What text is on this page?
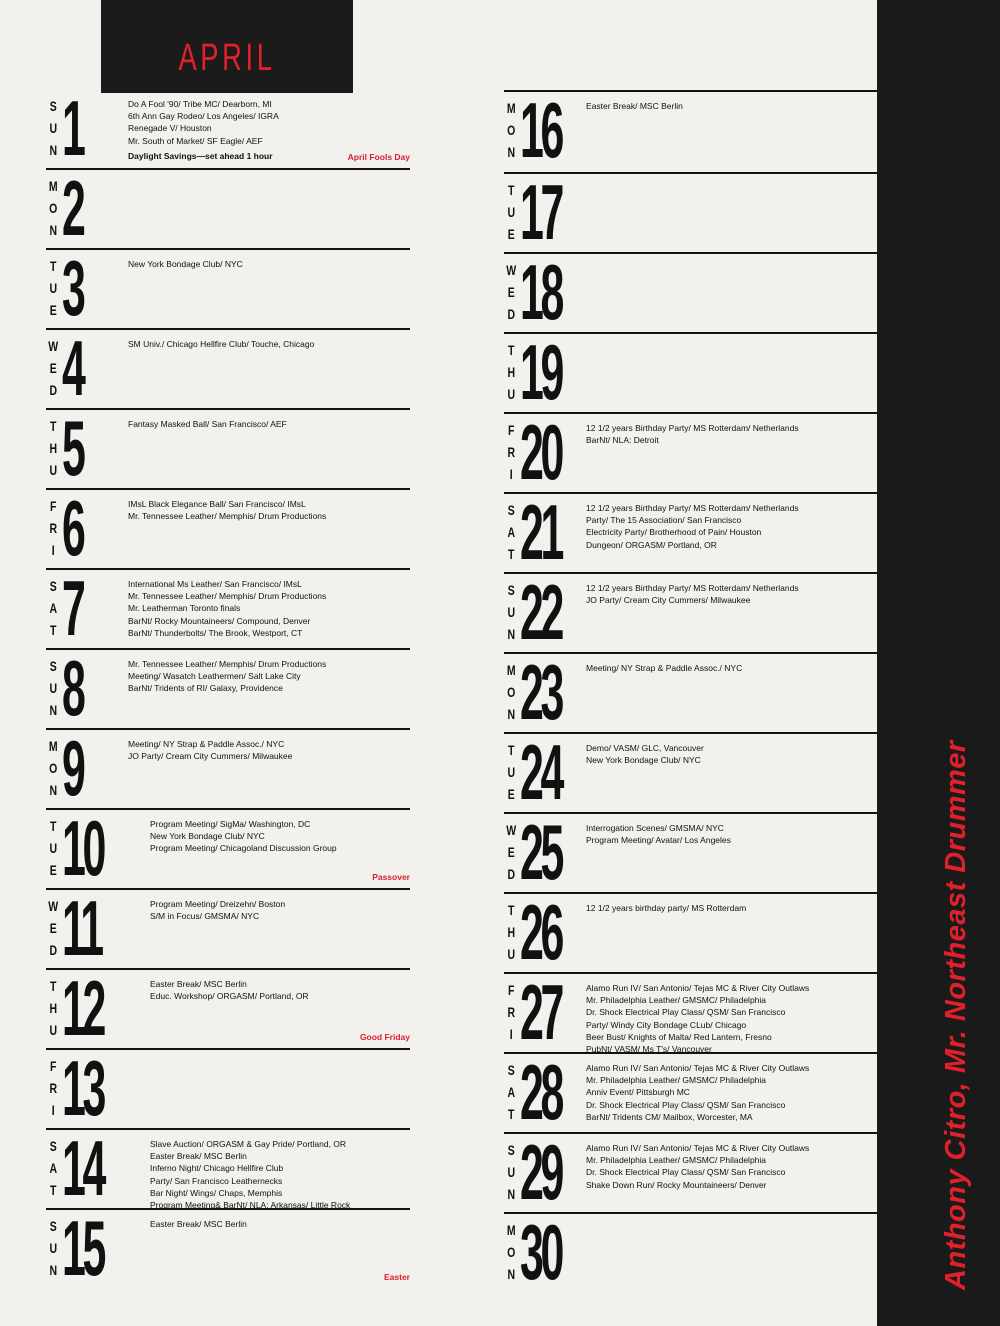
APRIL
S
U
N 1	Do A Fool '90/ Tribe MC/ Dearborn, MI
6th Ann Gay Rodeo/ Los Angeles/ IGRA
Renegade V/ Houston
Mr. South of Market/ SF Eagle/ AEF
Daylight Savings—set ahead 1 hour	April Fools Day
M
O
N 2
T
U
E 3	New York Bondage Club/ NYC
W
E
D 4	SM Univ./ Chicago Hellfire Club/ Touche, Chicago
T
H
U 5	Fantasy Masked Ball/ San Francisco/ AEF
F
R
I 6	IMsL Black Elegance Ball/ San Francisco/ IMsL
Mr. Tennessee Leather/ Memphis/ Drum Productions
S
A
T 7	International Ms Leather/ San Francisco/ IMsL
Mr. Tennessee Leather/ Memphis/ Drum Productions
Mr. Leatherman Toronto finals
BarNt/ Rocky Mountaineers/ Compound, Denver
BarNt/ Thunderbolts/ The Brook, Westport, CT
S
U
N 8	Mr. Tennessee Leather/ Memphis/ Drum Productions
Meeting/ Wasatch Leathermen/ Salt Lake City
BarNt/ Tridents of RI/ Galaxy, Providence
M
O
N 9	Meeting/ NY Strap & Paddle Assoc./ NYC
JO Party/ Cream City Cummers/ Milwaukee
T
U
E 10	Program Meeting/ SigMa/ Washington, DC
New York Bondage Club/ NYC
Program Meeting/ Chicagoland Discussion Group
Passover
W
E
D 11	Program Meeting/ Dreizehn/ Boston
S/M in Focus/ GMSMA/ NYC
T
H
U 12	Easter Break/ MSC Berlin
Educ. Workshop/ ORGASM/ Portland, OR
Good Friday
F
R
I 13
S
A
T 14	Slave Auction/ ORGASM & Gay Pride/ Portland, OR
Easter Break/ MSC Berlin
Inferno Night/ Chicago Hellfire Club
Party/ San Francisco Leathernecks
Bar Night/ Wings/ Chaps, Memphis
Program Meeting& BarNt/ NLA: Arkansas/ Little Rock
S
U
N 15	Easter Break/ MSC Berlin
Easter
M
O
N 16	Easter Break/ MSC Berlin
T
U
E 17
W
E
D 18
T
H
U 19
F
R
I 20	12 1/2 years Birthday Party/ MS Rotterdam/ Netherlands
BarNt/ NLA: Detroit
S
A
T 21	12 1/2 years Birthday Party/ MS Rotterdam/ Netherlands
Party/ The 15 Association/ San Francisco
Electricity Party/ Brotherhood of Pain/ Houston
Dungeon/ ORGASM/ Portland, OR
S
U
N 22	12 1/2 years Birthday Party/ MS Rotterdam/ Netherlands
JO Party/ Cream City Cummers/ Milwaukee
M
O
N 23	Meeting/ NY Strap & Paddle Assoc./ NYC
T
U
E 24	Demo/ VASM/ GLC, Vancouver
New York Bondage Club/ NYC
W
E
D 25	Interrogation Scenes/ GMSMA/ NYC
Program Meeting/ Avatar/ Los Angeles
T
H
U 26	12 1/2 years birthday party/ MS Rotterdam
F
R
I 27	Alamo Run IV/ San Antonio/ Tejas MC & River City Outlaws
Mr. Philadelphia Leather/ GMSMC/ Philadelphia
Dr. Shock Electrical Play Class/ QSM/ San Francisco
Party/ Windy City Bondage CLub/ Chicago
Beer Bust/ Knights of Malta/ Red Lantern, Fresno
PubNt/ VASM/ Ms T's/ Vancouver
S
A
T 28	Alamo Run IV/ San Antonio/ Tejas MC & River City Outlaws
Mr. Philadelphia Leather/ GMSMC/ Philadelphia
Anniv Event/ Pittsburgh MC
Dr. Shock Electrical Play Class/ QSM/ San Francisco
BarNt/ Tridents CM/ Mailbox, Worcester, MA
S
U
N 29	Alamo Run IV/ San Antonio/ Tejas MC & River City Outlaws
Mr. Philadelphia Leather/ GMSMC/ Philadelphia
Dr. Shock Electrical Play Class/ QSM/ San Francisco
Shake Down Run/ Rocky Mountaineers/ Denver
M
O
N 30	Anthony Citro, Mr. Northeast Drummer
